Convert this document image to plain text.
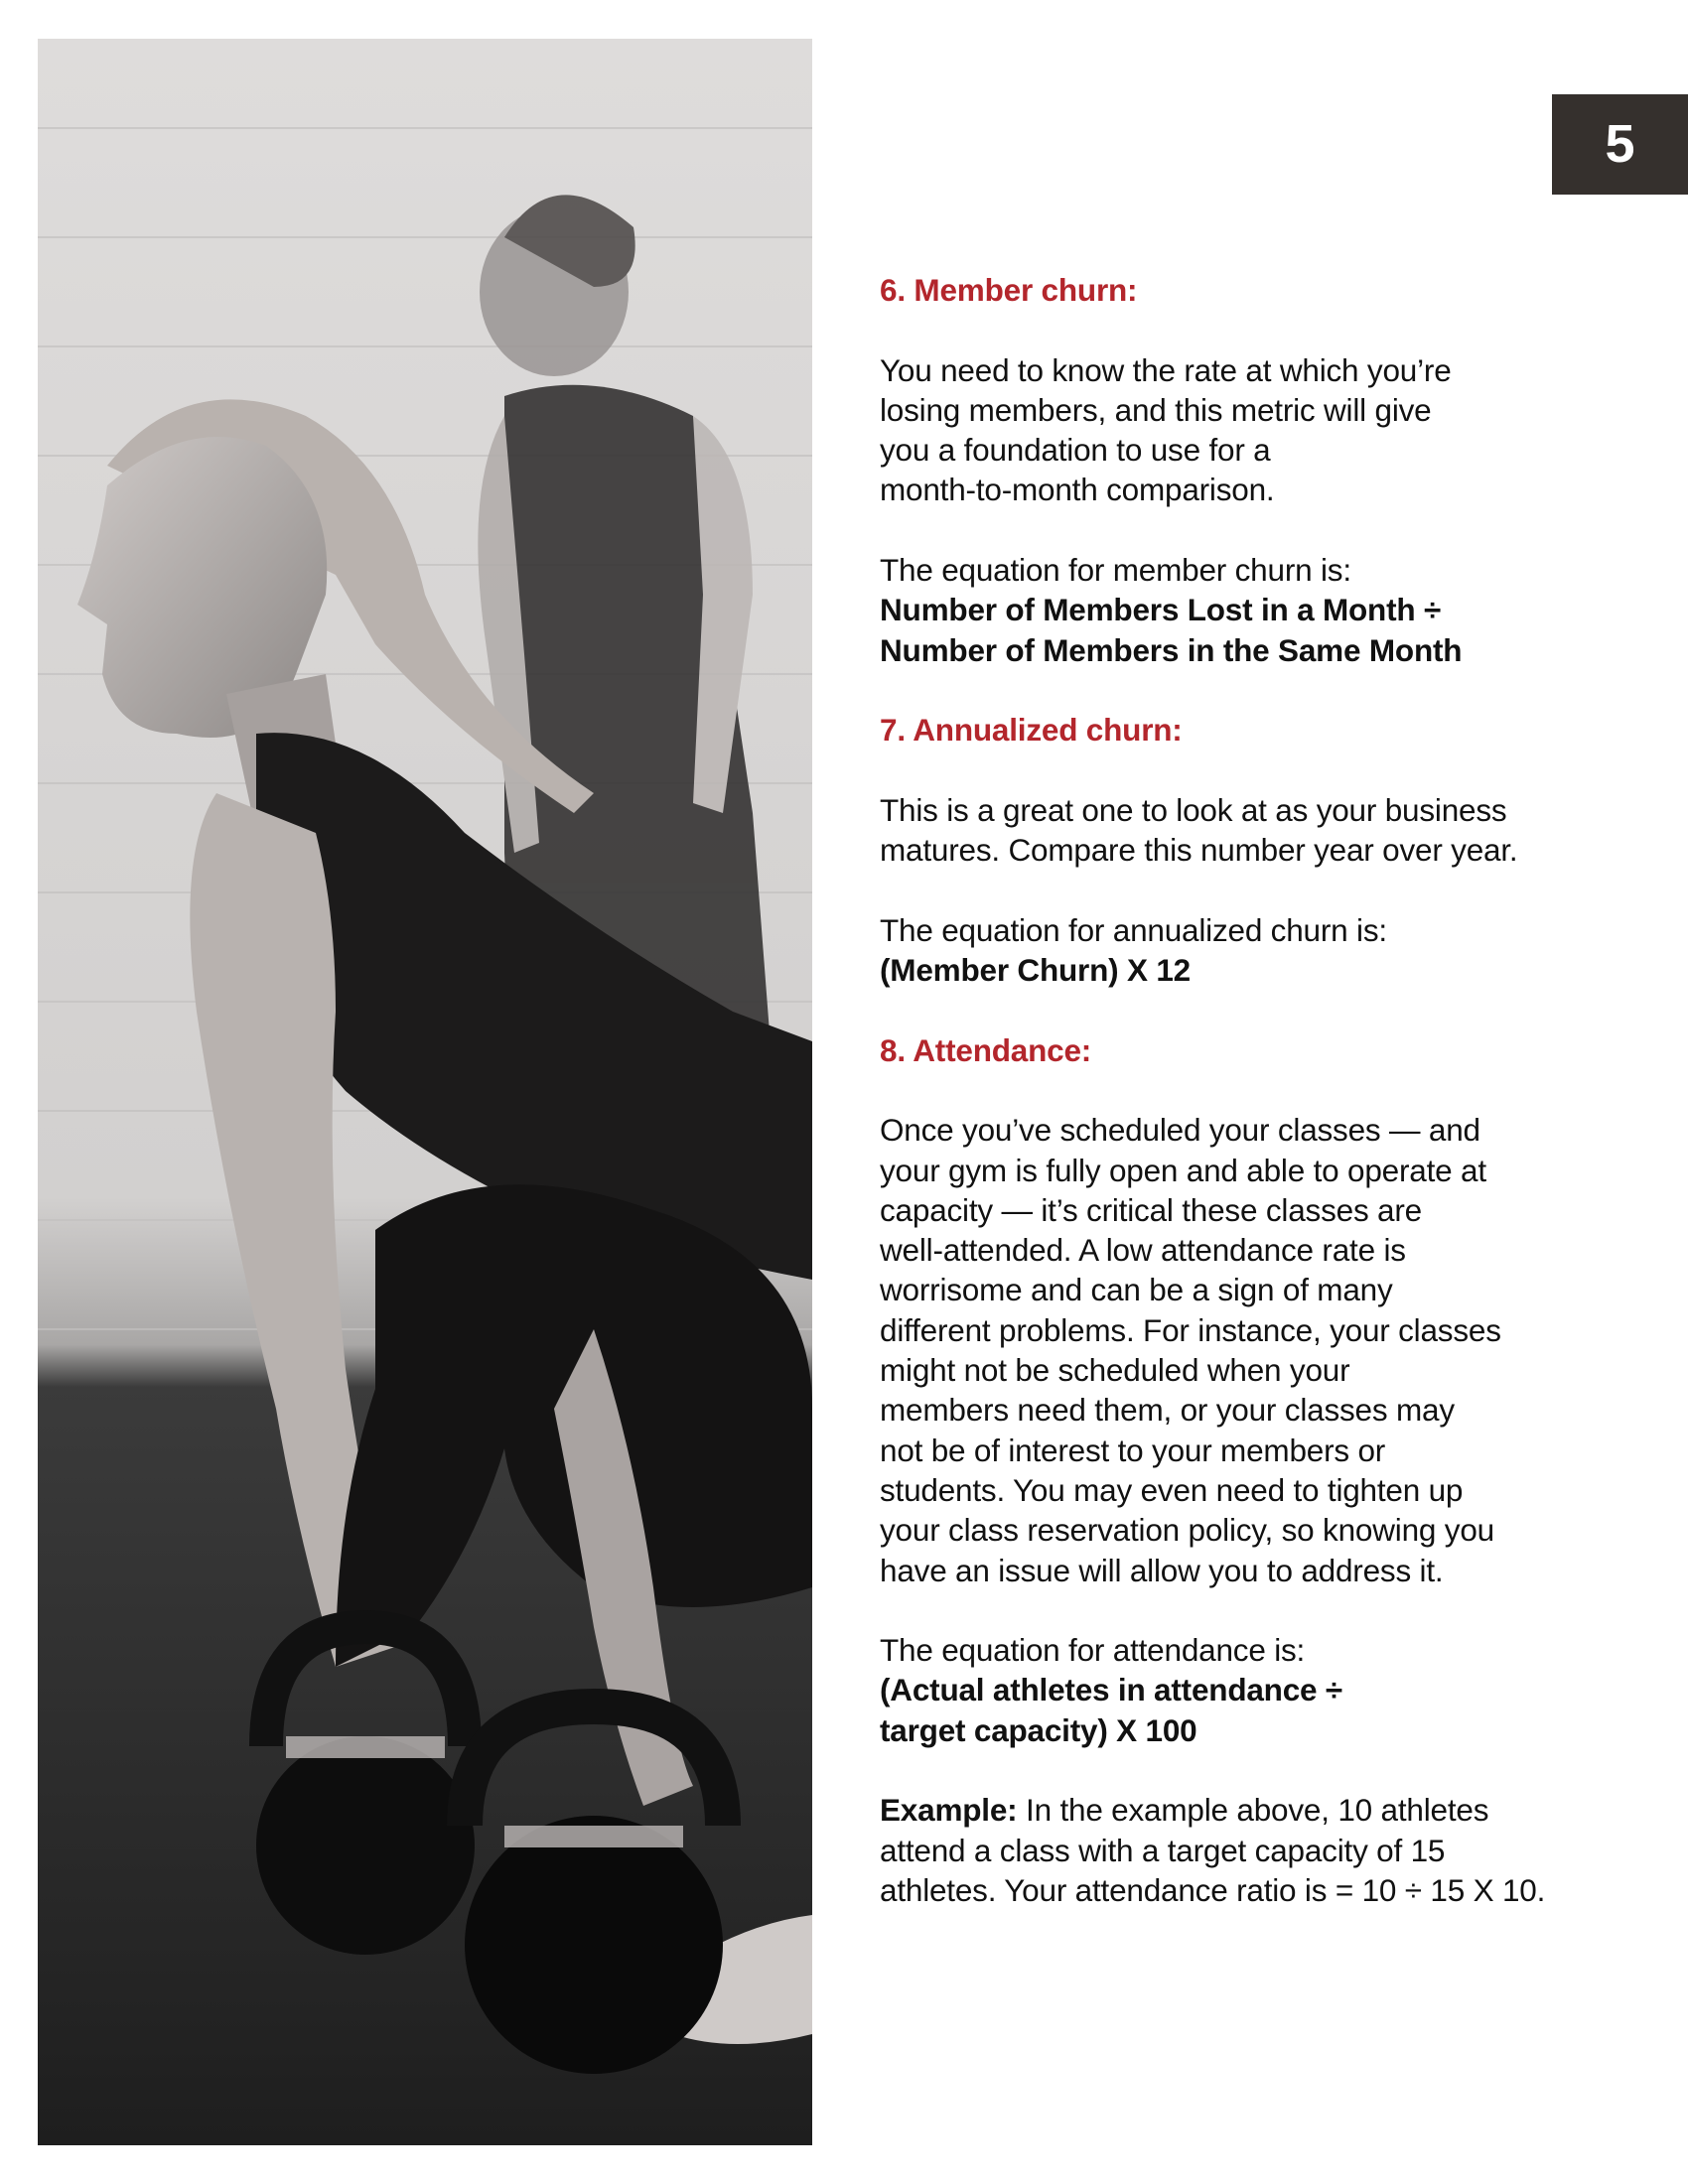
5

6. Member churn:

You need to know the rate at which you’re
losing members, and this metric will give
you a foundation to use for a
month-to-month comparison.

The equation for member churn is:
Number of Members Lost in a Month ÷
Number of Members in the Same Month

7. Annualized churn:

This is a great one to look at as your business
matures. Compare this number year over year.

The equation for annualized churn is:
(Member Churn) X 12

8. Attendance:

Once you’ve scheduled your classes — and
your gym is fully open and able to operate at
capacity — it’s critical these classes are
well-attended. A low attendance rate is
worrisome and can be a sign of many
different problems. For instance, your classes
might not be scheduled when your
members need them, or your classes may
not be of interest to your members or
students. You may even need to tighten up
your class reservation policy, so knowing you
have an issue will allow you to address it.

The equation for attendance is:
(Actual athletes in attendance ÷
target capacity) X 100

Example: In the example above, 10 athletes
attend a class with a target capacity of 15
athletes. Your attendance ratio is = 10 ÷ 15 X 10.
